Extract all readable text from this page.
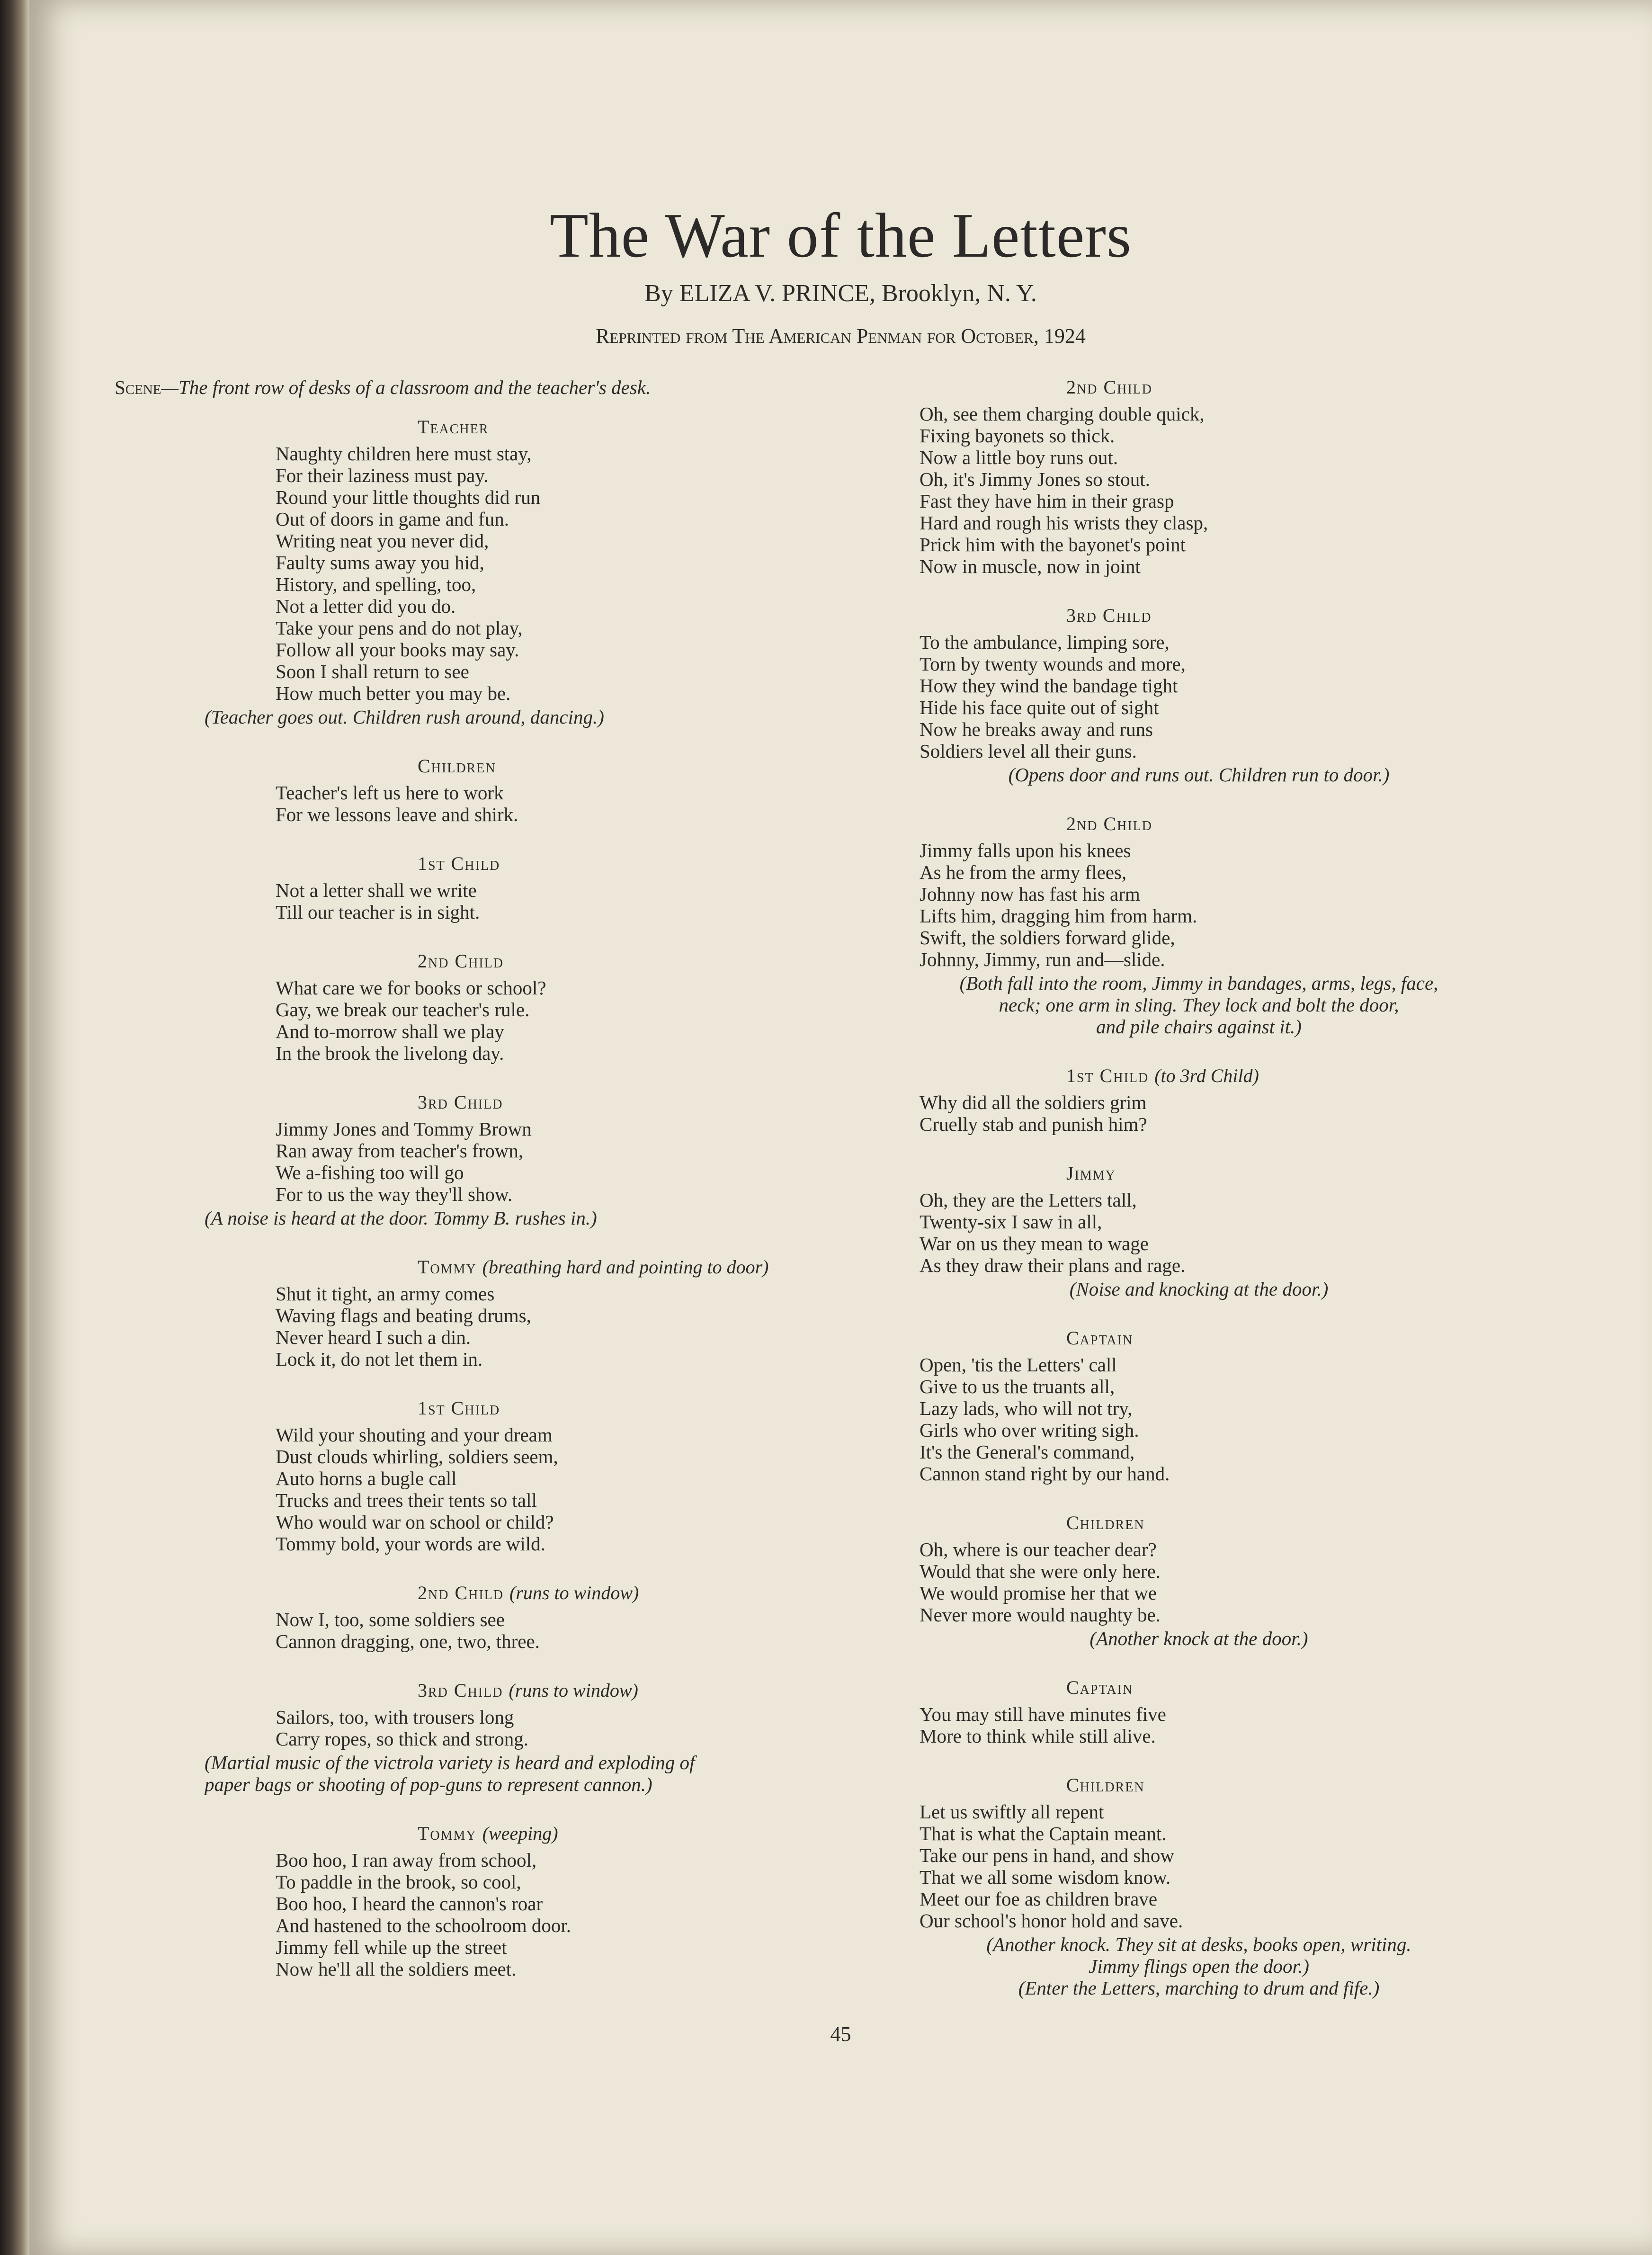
The War of the Letters
By ELIZA V. PRINCE, Brooklyn, N. Y.
Reprinted from The American Penman for October, 1924
Scene—The front row of desks of a classroom and the teacher's desk.
Teacher
Naughty children here must stay,
For their laziness must pay.
Round your little thoughts did run
Out of doors in game and fun.
Writing neat you never did,
Faulty sums away you hid,
History, and spelling, too,
Not a letter did you do.
Take your pens and do not play,
Follow all your books may say.
Soon I shall return to see
How much better you may be.
(Teacher goes out. Children rush around, dancing.)
Children
Teacher's left us here to work
For we lessons leave and shirk.
1st Child
Not a letter shall we write
Till our teacher is in sight.
2nd Child
What care we for books or school?
Gay, we break our teacher's rule.
And to-morrow shall we play
In the brook the livelong day.
3rd Child
Jimmy Jones and Tommy Brown
Ran away from teacher's frown,
We a-fishing too will go
For to us the way they'll show.
(A noise is heard at the door. Tommy B. rushes in.)
Tommy (breathing hard and pointing to door)
Shut it tight, an army comes
Waving flags and beating drums,
Never heard I such a din.
Lock it, do not let them in.
1st Child
Wild your shouting and your dream
Dust clouds whirling, soldiers seem,
Auto horns a bugle call
Trucks and trees their tents so tall
Who would war on school or child?
Tommy bold, your words are wild.
2nd Child (runs to window)
Now I, too, some soldiers see
Cannon dragging, one, two, three.
3rd Child (runs to window)
Sailors, too, with trousers long
Carry ropes, so thick and strong.
(Martial music of the victrola variety is heard and exploding of
paper bags or shooting of pop-guns to represent cannon.)
Tommy (weeping)
Boo hoo, I ran away from school,
To paddle in the brook, so cool,
Boo hoo, I heard the cannon's roar
And hastened to the schoolroom door.
Jimmy fell while up the street
Now he'll all the soldiers meet.
2nd Child
Oh, see them charging double quick,
Fixing bayonets so thick.
Now a little boy runs out.
Oh, it's Jimmy Jones so stout.
Fast they have him in their grasp
Hard and rough his wrists they clasp,
Prick him with the bayonet's point
Now in muscle, now in joint
3rd Child
To the ambulance, limping sore,
Torn by twenty wounds and more,
How they wind the bandage tight
Hide his face quite out of sight
Now he breaks away and runs
Soldiers level all their guns.
(Opens door and runs out. Children run to door.)
2nd Child
Jimmy falls upon his knees
As he from the army flees,
Johnny now has fast his arm
Lifts him, dragging him from harm.
Swift, the soldiers forward glide,
Johnny, Jimmy, run and—slide.
(Both fall into the room, Jimmy in bandages, arms, legs, face,
neck; one arm in sling. They lock and bolt the door,
and pile chairs against it.)
1st Child (to 3rd Child)
Why did all the soldiers grim
Cruelly stab and punish him?
Jimmy
Oh, they are the Letters tall,
Twenty-six I saw in all,
War on us they mean to wage
As they draw their plans and rage.
(Noise and knocking at the door.)
Captain
Open, 'tis the Letters' call
Give to us the truants all,
Lazy lads, who will not try,
Girls who over writing sigh.
It's the General's command,
Cannon stand right by our hand.
Children
Oh, where is our teacher dear?
Would that she were only here.
We would promise her that we
Never more would naughty be.
(Another knock at the door.)
Captain
You may still have minutes five
More to think while still alive.
Children
Let us swiftly all repent
That is what the Captain meant.
Take our pens in hand, and show
That we all some wisdom know.
Meet our foe as children brave
Our school's honor hold and save.
(Another knock. They sit at desks, books open, writing.
Jimmy flings open the door.)
(Enter the Letters, marching to drum and fife.)
45
